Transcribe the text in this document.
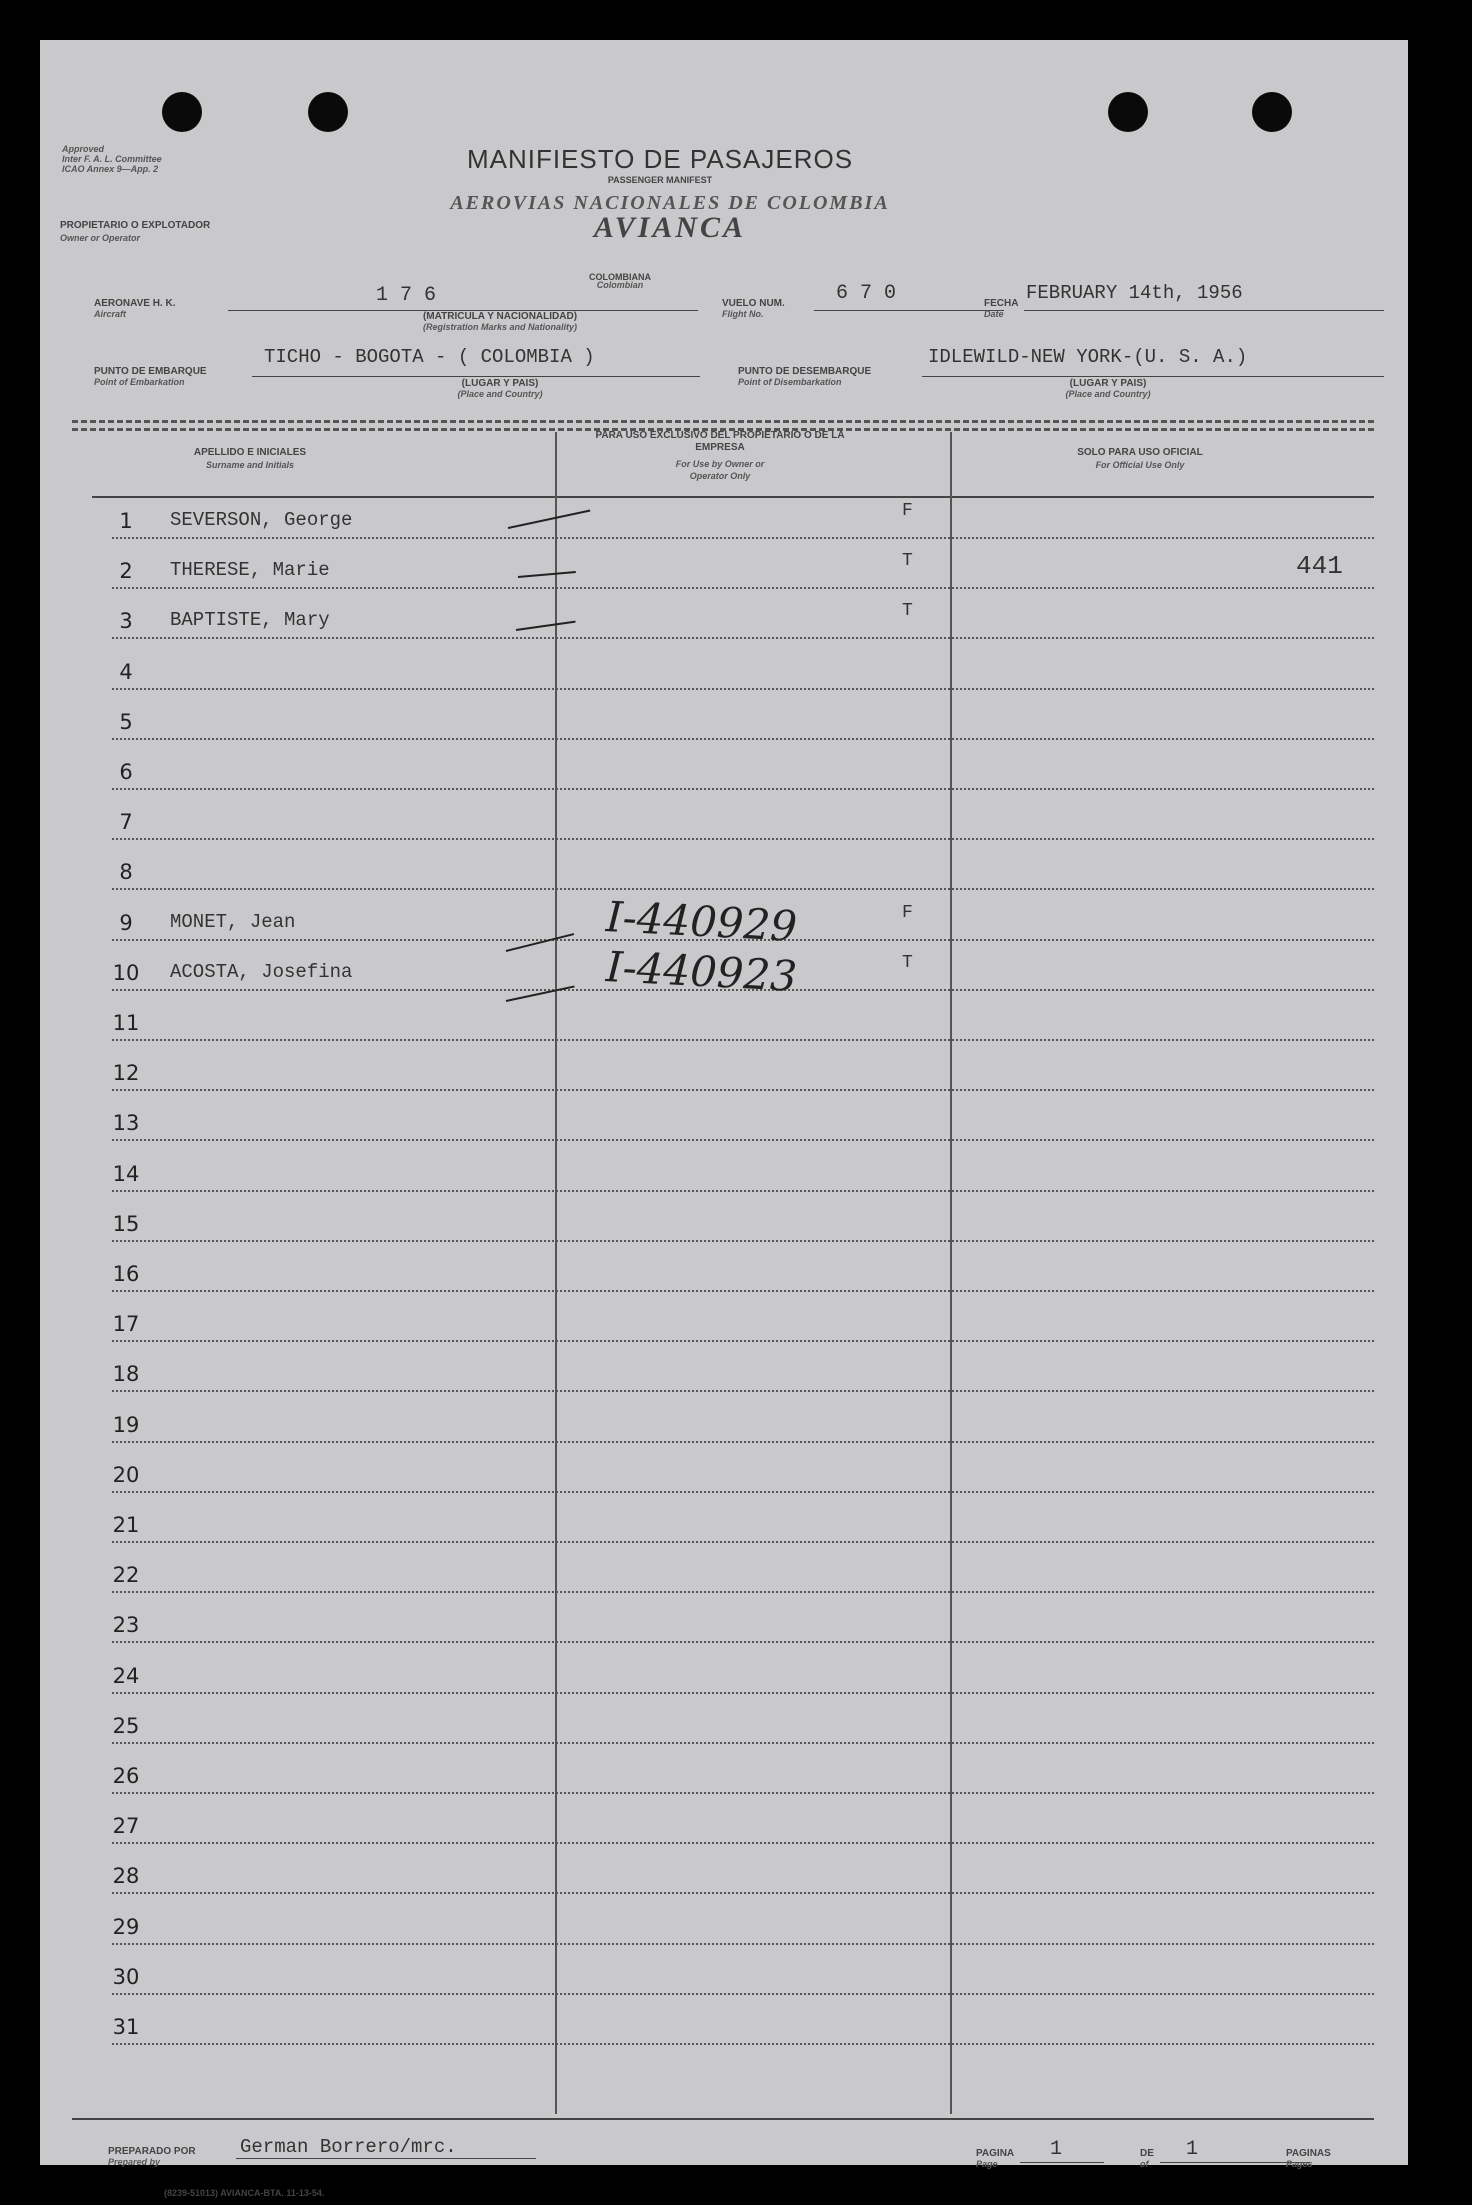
Approved
Inter F. A. L. Committee
ICAO Annex 9—App. 2
PROPIETARIO O EXPLOTADOR
Owner or Operator
MANIFIESTO DE PASAJEROS
PASSENGER MANIFEST
AEROVIAS NACIONALES DE COLOMBIA
AVIANCA
AERONAVE H. K.
Aircraft
1 7 6
COLOMBIANA
Colombian
(MATRICULA Y NACIONALIDAD)
(Registration Marks and Nationality)
VUELO NUM.
Flight No.
6 7 0	FECHA
Date
FEBRUARY 14th, 1956
PUNTO DE EMBARQUE
Point of Embarkation
TICHO - BOGOTA - ( COLOMBIA )
(LUGAR Y PAIS)
(Place and Country)
PUNTO DE DESEMBARQUE
Point of Disembarkation
IDLEWILD-NEW YORK-(U. S. A.)
(LUGAR Y PAIS)
(Place and Country)
APELLIDO E INICIALES
Surname and Initials
PARA USO EXCLUSIVO DEL PROPIETARIO O DE LA EMPRESA
For Use by Owner or Operator Only
SOLO PARA USO OFICIAL
For Official Use Only
1	SEVERSON, George	F
2	THERESE, Marie	T	441
3	BAPTISTE, Mary	T
4
5
6
7
8
9	MONET, Jean	I-440929	F
10	ACOSTA, Josefina	I-440923	T
11
12
13
14
15
16
17
18
19
20
21
22
23
24
25
26
27
28
29
30
31
PREPARADO POR
Prepared by
German Borrero/mrc.	PAGINA
Page
1	DE
of
1	PAGINAS
Pages
(8239-51013) AVIANCA-BTA. 11-13-54.
